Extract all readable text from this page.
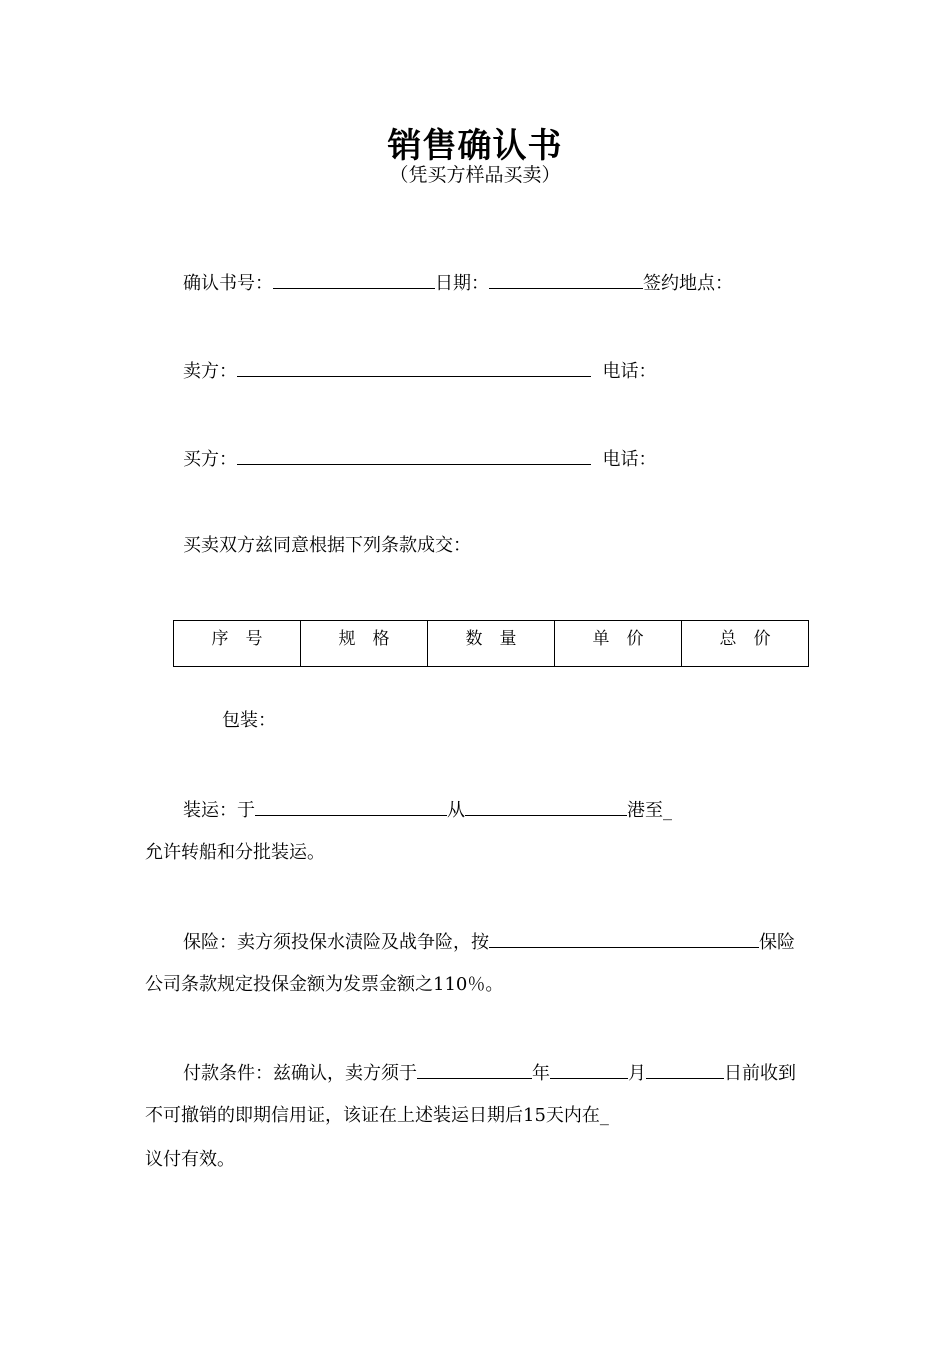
销售确认书
（凭买方样品买卖）
确认书号：	日期：	签约地点：
卖方：	电话：
买方：	电话：
买卖双方兹同意根据下列条款成交：
序　号	规　格	数　量	单　价	总　价
包装：
装运：于	从	港至_
允许转船和分批装运。
保险：卖方须投保水渍险及战争险，按	保险
公司条款规定投保金额为发票金额之110％。
付款条件：兹确认，卖方须于	年	月	日前收到
不可撤销的即期信用证，该证在上述装运日期后15天内在_
议付有效。
